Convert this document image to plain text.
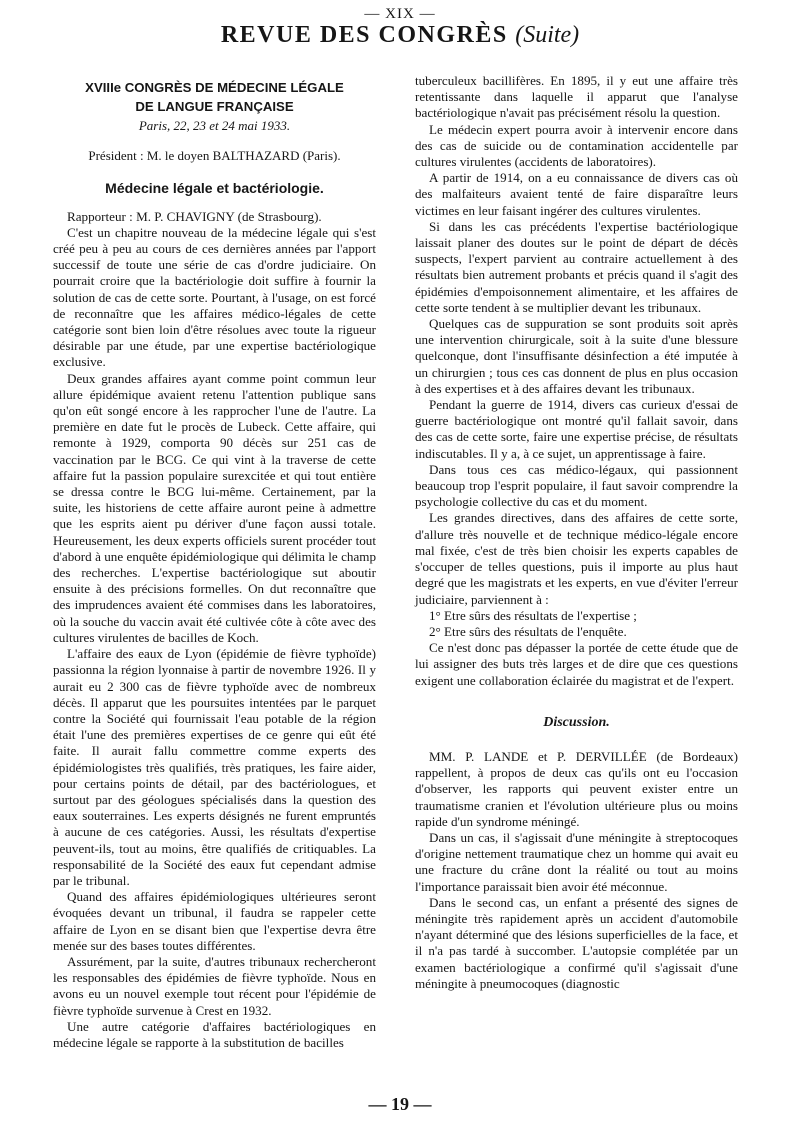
— XIX —
REVUE DES CONGRÈS (Suite)
XVIIIe CONGRÈS DE MÉDECINE LÉGALE
DE LANGUE FRANÇAISE
Paris, 22, 23 et 24 mai 1933.
Président : M. le doyen BALTHAZARD (Paris).
Médecine légale et bactériologie.

Rapporteur : M. P. CHAVIGNY (de Strasbourg).

C'est un chapitre nouveau de la médecine légale qui s'est créé peu à peu au cours de ces dernières années par l'apport successif de toute une série de cas d'ordre judiciaire. On pourrait croire que la bactériologie doit suffire à fournir la solution de cas de cette sorte. Pourtant, à l'usage, on est forcé de reconnaître que les affaires médico-légales de cette catégorie sont bien loin d'être résolues avec toute la rigueur désirable par une étude, par une expertise bactériologique exclusive.

Deux grandes affaires ayant comme point commun leur allure épidémique avaient retenu l'attention publique sans qu'on eût songé encore à les rapprocher l'une de l'autre. La première en date fut le procès de Lubeck. Cette affaire, qui remonte à 1929, comporta 90 décès sur 251 cas de vaccination par le BCG. Ce qui vint à la traverse de cette affaire fut la passion populaire surexcitée et qui tout entière se dressa contre le BCG lui-même. Certainement, par la suite, les historiens de cette affaire auront peine à admettre que les esprits aient pu dériver d'une façon aussi totale. Heureusement, les deux experts officiels surent procéder tout d'abord à une enquête épidémiologique qui délimita le champ des recherches. L'expertise bactériologique sut aboutir ensuite à des précisions formelles. On dut reconnaître que des imprudences avaient été commises dans les laboratoires, où la souche du vaccin avait été cultivée côte à côte avec des cultures virulentes de bacilles de Koch.

L'affaire des eaux de Lyon (épidémie de fièvre typhoïde) passionna la région lyonnaise à partir de novembre 1926. Il y aurait eu 2 300 cas de fièvre typhoïde avec de nombreux décès. Il apparut que les poursuites intentées par le parquet contre la Société qui fournissait l'eau potable de la région était l'une des premières expertises de ce genre qui eût été faite. Il aurait fallu commettre comme experts des épidémiologistes très qualifiés, très pratiques, les faire aider, pour certains points de détail, par des bactériologues, et surtout par des géologues spécialisés dans la question des eaux souterraines. Les experts désignés ne furent empruntés à aucune de ces catégories. Aussi, les résultats d'expertise peuvent-ils, tout au moins, être qualifiés de critiquables. La responsabilité de la Société des eaux fut cependant admise par le tribunal.

Quand des affaires épidémiologiques ultérieures seront évoquées devant un tribunal, il faudra se rappeler cette affaire de Lyon en se disant bien que l'expertise devra être menée sur des bases toutes différentes.

Assurément, par la suite, d'autres tribunaux rechercheront les responsables des épidémies de fièvre typhoïde. Nous en avons eu un nouvel exemple tout récent pour l'épidémie de fièvre typhoïde survenue à Crest en 1932.

Une autre catégorie d'affaires bactériologiques en médecine légale se rapporte à la substitution de bacilles

tuberculeux bacillifères. En 1895, il y eut une affaire très retentissante dans laquelle il apparut que l'analyse bactériologique n'avait pas précisément résolu la question.

Le médecin expert pourra avoir à intervenir encore dans des cas de suicide ou de contamination accidentelle par cultures virulentes (accidents de laboratoires).

A partir de 1914, on a eu connaissance de divers cas où des malfaiteurs avaient tenté de faire disparaître leurs victimes en leur faisant ingérer des cultures virulentes.

Si dans les cas précédents l'expertise bactériologique laissait planer des doutes sur le point de départ de décès suspects, l'expert parvient au contraire actuellement à des résultats bien autrement probants et précis quand il s'agit des épidémies d'empoisonnement alimentaire, et les affaires de cette sorte tendent à se multiplier devant les tribunaux.

Quelques cas de suppuration se sont produits soit après une intervention chirurgicale, soit à la suite d'une blessure quelconque, dont l'insuffisante désinfection a été imputée à un chirurgien ; tous ces cas donnent de plus en plus occasion à des expertises et à des affaires devant les tribunaux.

Pendant la guerre de 1914, divers cas curieux d'essai de guerre bactériologique ont montré qu'il fallait savoir, dans des cas de cette sorte, faire une expertise précise, de résultats indiscutables. Il y a, à ce sujet, un apprentissage à faire.

Dans tous ces cas médico-légaux, qui passionnent beaucoup trop l'esprit populaire, il faut savoir comprendre la psychologie collective du cas et du moment.

Les grandes directives, dans des affaires de cette sorte, d'allure très nouvelle et de technique médico-légale encore mal fixée, c'est de très bien choisir les experts capables de s'occuper de telles questions, puis il importe au plus haut degré que les magistrats et les experts, en vue d'éviter l'erreur judiciaire, parviennent à :

1° Etre sûrs des résultats de l'expertise ;

2° Etre sûrs des résultats de l'enquête.

Ce n'est donc pas dépasser la portée de cette étude que de lui assigner des buts très larges et de dire que ces questions exigent une collaboration éclairée du magistrat et de l'expert.

Discussion.

MM. P. LANDE et P. DERVILLÉE (de Bordeaux) rappellent, à propos de deux cas qu'ils ont eu l'occasion d'observer, les rapports qui peuvent exister entre un traumatisme cranien et l'évolution ultérieure plus ou moins rapide d'un syndrome méningé.

Dans un cas, il s'agissait d'une méningite à streptocoques d'origine nettement traumatique chez un homme qui avait eu une fracture du crâne dont la réalité ou tout au moins l'importance paraissait bien avoir été méconnue.

Dans le second cas, un enfant a présenté des signes de méningite très rapidement après un accident d'automobile n'ayant déterminé que des lésions superficielles de la face, et il n'a pas tardé à succomber. L'autopsie complétée par un examen bactériologique a confirmé qu'il s'agissait d'une méningite à pneumocoques (diagnostic

— 19 —
